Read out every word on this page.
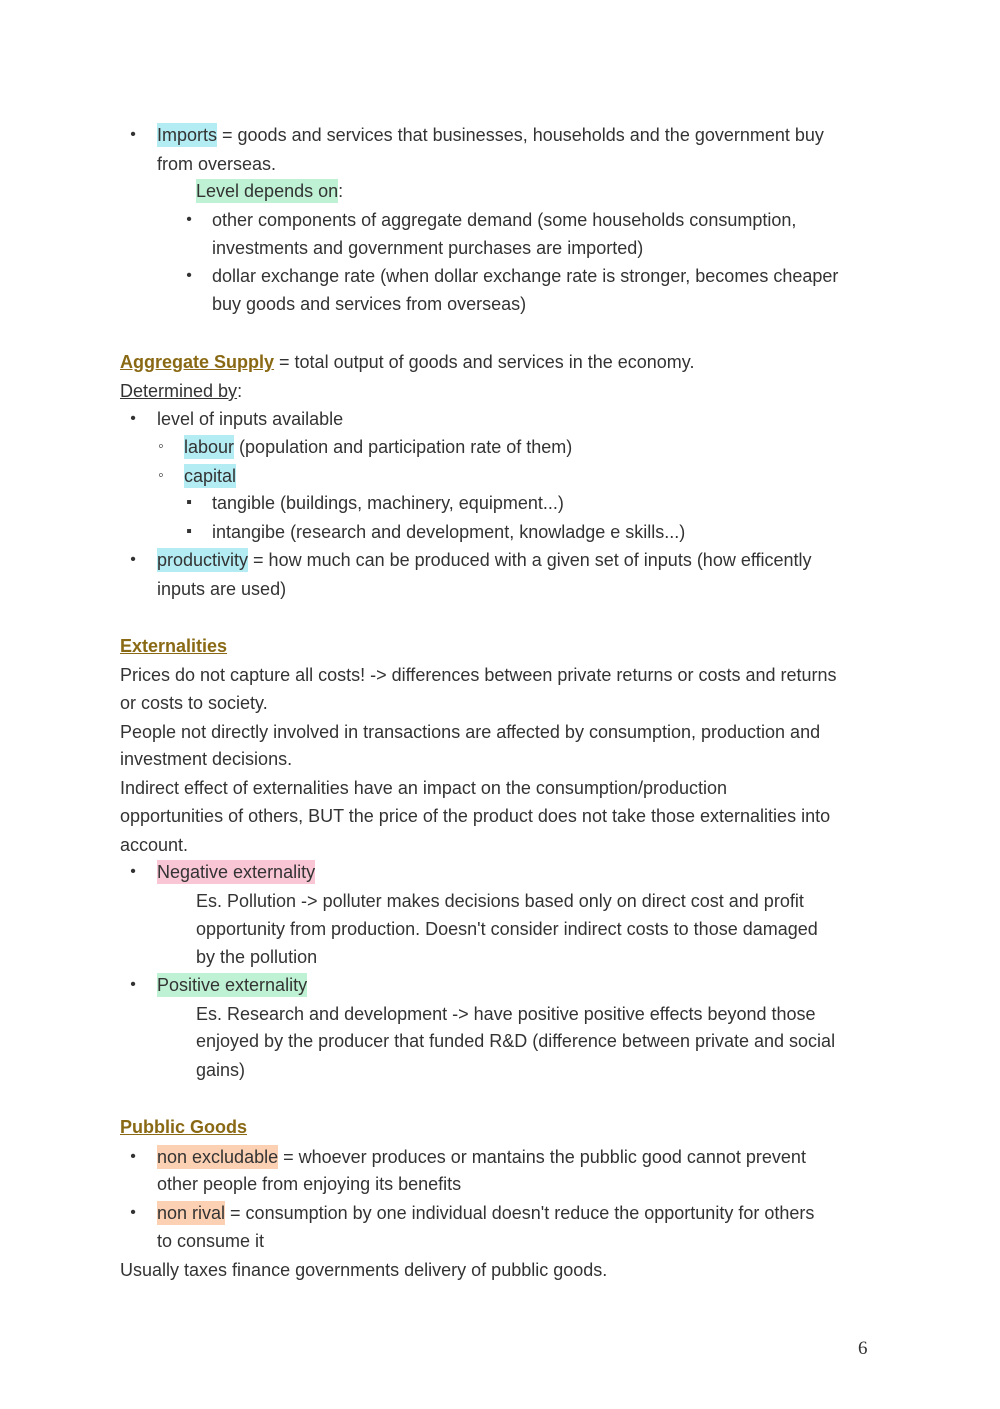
• Imports = goods and services that businesses, households and the government buy
from overseas.
Level depends on:
• other components of aggregate demand (some households consumption,
investments and government purchases are imported)
• dollar exchange rate (when dollar exchange rate is stronger, becomes cheaper
buy goods and services from overseas)
Aggregate Supply = total output of goods and services in the economy.
Determined by:
• level of inputs available
◦ labour (population and participation rate of them)
◦ capital
▪ tangible (buildings, machinery, equipment...)
▪ intangibe (research and development, knowladge e skills...)
• productivity = how much can be produced with a given set of inputs (how efficently
inputs are used)
Externalities
Prices do not capture all costs! -> differences between private returns or costs and returns
or costs to society.
People not directly involved in transactions are affected by consumption, production and
investment decisions.
Indirect effect of externalities have an impact on the consumption/production
opportunities of others, BUT the price of the product does not take those externalities into
account.
• Negative externality
Es. Pollution -> polluter makes decisions based only on direct cost and profit
opportunity from production. Doesn't consider indirect costs to those damaged
by the pollution
• Positive externality
Es. Research and development -> have positive positive effects beyond those
enjoyed by the producer that funded R&D (difference between private and social
gains)
Pubblic Goods
• non excludable = whoever produces or mantains the pubblic good cannot prevent
other people from enjoying its benefits
• non rival = consumption by one individual doesn't reduce the opportunity for others
to consume it
Usually taxes finance governments delivery of pubblic goods.
6
